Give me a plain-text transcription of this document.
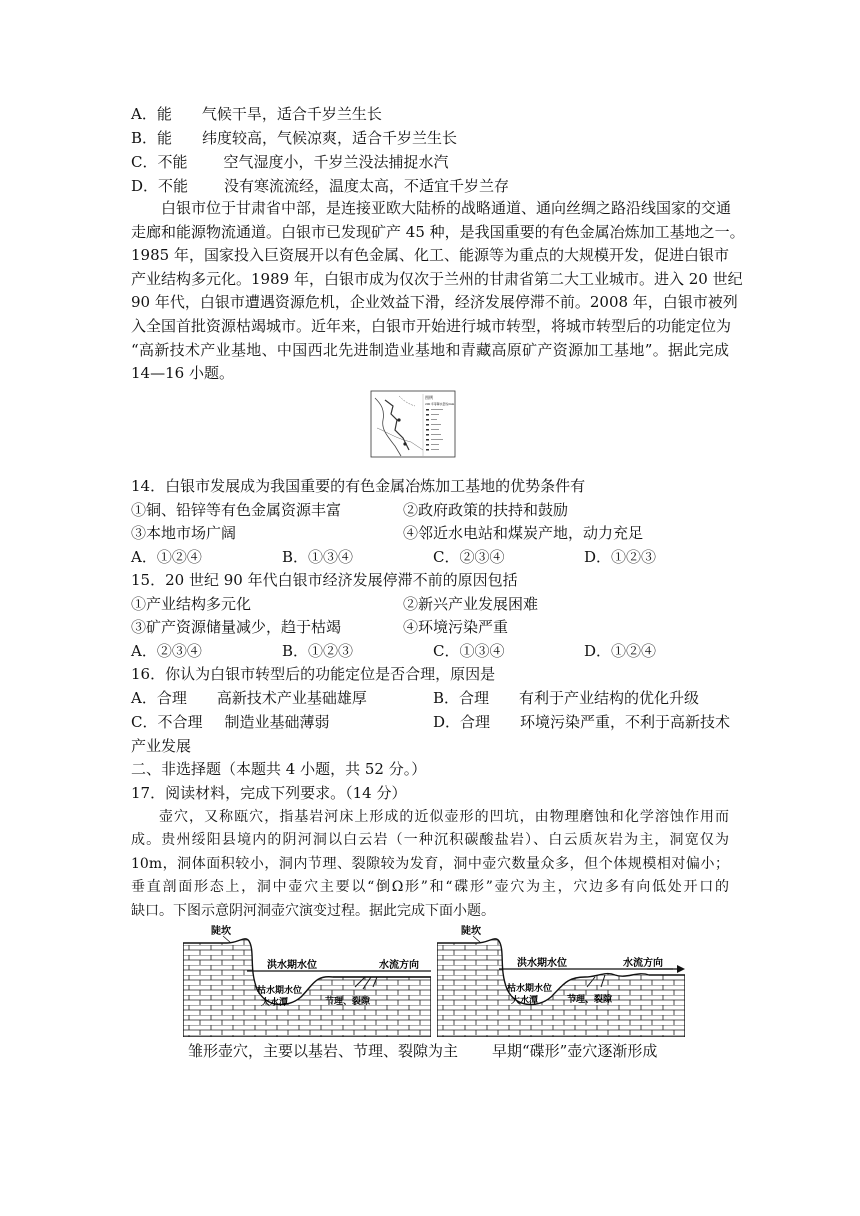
A．能 气候干旱，适合千岁兰生长
B．能 纬度较高，气候凉爽，适合千岁兰生长
C．不能 空气湿度小，千岁兰没法捕捉水汽
D．不能 没有寒流流经，温度太高，不适宜千岁兰存
白银市位于甘肃省中部，是连接亚欧大陆桥的战略通道、通向丝绸之路沿线国家的交通
走廊和能源物流通道。白银市已发现矿产 45 种，是我国重要的有色金属冶炼加工基地之一。
1985 年，国家投入巨资展开以有色金属、化工、能源等为重点的大规模开发，促进白银市
产业结构多元化。1989 年，白银市成为仅次于兰州的甘肃省第二大工业城市。进入 20 世纪
90 年代，白银市遭遇资源危机，企业效益下滑，经济发展停滞不前。2008 年，白银市被列
入全国首批资源枯竭城市。近年来，白银市开始进行城市转型，将城市转型后的功能定位为
“高新技术产业基地、中国西北先进制造业基地和青藏高原矿产资源加工基地”。据此完成
14—16 小题。
图例
200 年等降水量线/mm
14．白银市发展成为我国重要的有色金属冶炼加工基地的优势条件有
①铜、铅锌等有色金属资源丰富	②政府政策的扶持和鼓励
③本地市场广阔	④邻近水电站和煤炭产地，动力充足
A．①②④	B．①③④	C．②③④	D．①②③
15．20 世纪 90 年代白银市经济发展停滞不前的原因包括
①产业结构多元化	②新兴产业发展困难
③矿产资源储量减少，趋于枯竭	④环境污染严重
A．②③④	B．①②③	C．①③④	D．①②④
16．你认为白银市转型后的功能定位是否合理，原因是
A．合理 高新技术产业基础雄厚	B．合理 有利于产业结构的优化升级
C．不合理 制造业基础薄弱	D．合理 环境污染严重，不利于高新技术
产业发展
二、非选择题（本题共 4 小题，共 52 分。）
17．阅读材料，完成下列要求。（14 分）
壶穴，又称瓯穴，指基岩河床上形成的近似壶形的凹坑，由物理磨蚀和化学溶蚀作用而
成。贵州绥阳县境内的阴河洞以白云岩（一种沉积碳酸盐岩）、白云质灰岩为主，洞宽仅为
10m，洞体面积较小，洞内节理、裂隙较为发育，洞中壶穴数量众多，但个体规模相对偏小；
垂直剖面形态上，洞中壶穴主要以“倒Ω形”和“碟形”壶穴为主，穴边多有向低处开口的
缺口。下图示意阴河洞壶穴演变过程。据此完成下面小题。
陡坎
洪水期水位	水流方向
枯水期水位
大水潭	节理、裂隙
陡坎
洪水期水位	水流方向
枯水期水位
大水潭	节理、裂隙
雏形壶穴，主要以基岩、节理、裂隙为主 早期“碟形”壶穴逐渐形成
